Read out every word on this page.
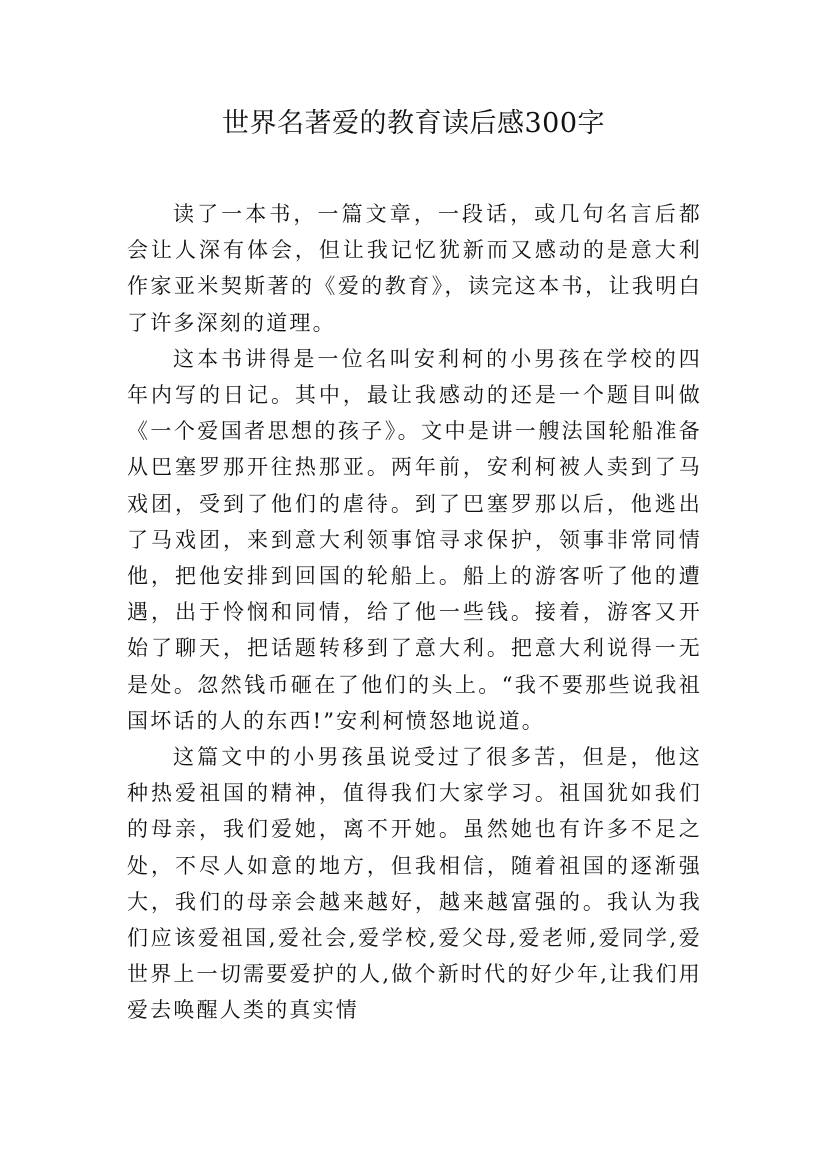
世界名著爱的教育读后感300字

读了一本书，一篇文章，一段话，或几句名言后都会让人深有体会，但让我记忆犹新而又感动的是意大利作家亚米契斯著的《爱的教育》，读完这本书，让我明白了许多深刻的道理。

这本书讲得是一位名叫安利柯的小男孩在学校的四年内写的日记。其中，最让我感动的还是一个题目叫做《一个爱国者思想的孩子》。文中是讲一艘法国轮船准备从巴塞罗那开往热那亚。两年前，安利柯被人卖到了马戏团，受到了他们的虐待。到了巴塞罗那以后，他逃出了马戏团，来到意大利领事馆寻求保护，领事非常同情他，把他安排到回国的轮船上。船上的游客听了他的遭遇，出于怜悯和同情，给了他一些钱。接着，游客又开始了聊天，把话题转移到了意大利。把意大利说得一无是处。忽然钱币砸在了他们的头上。“我不要那些说我祖国坏话的人的东西!”安利柯愤怒地说道。

这篇文中的小男孩虽说受过了很多苦，但是，他这种热爱祖国的精神，值得我们大家学习。祖国犹如我们的母亲，我们爱她，离不开她。虽然她也有许多不足之处，不尽人如意的地方，但我相信，随着祖国的逐渐强大，我们的母亲会越来越好，越来越富强的。我认为我们应该爱祖国,爱社会,爱学校,爱父母,爱老师,爱同学,爱世界上一切需要爱护的人,做个新时代的好少年,让我们用爱去唤醒人类的真实情
